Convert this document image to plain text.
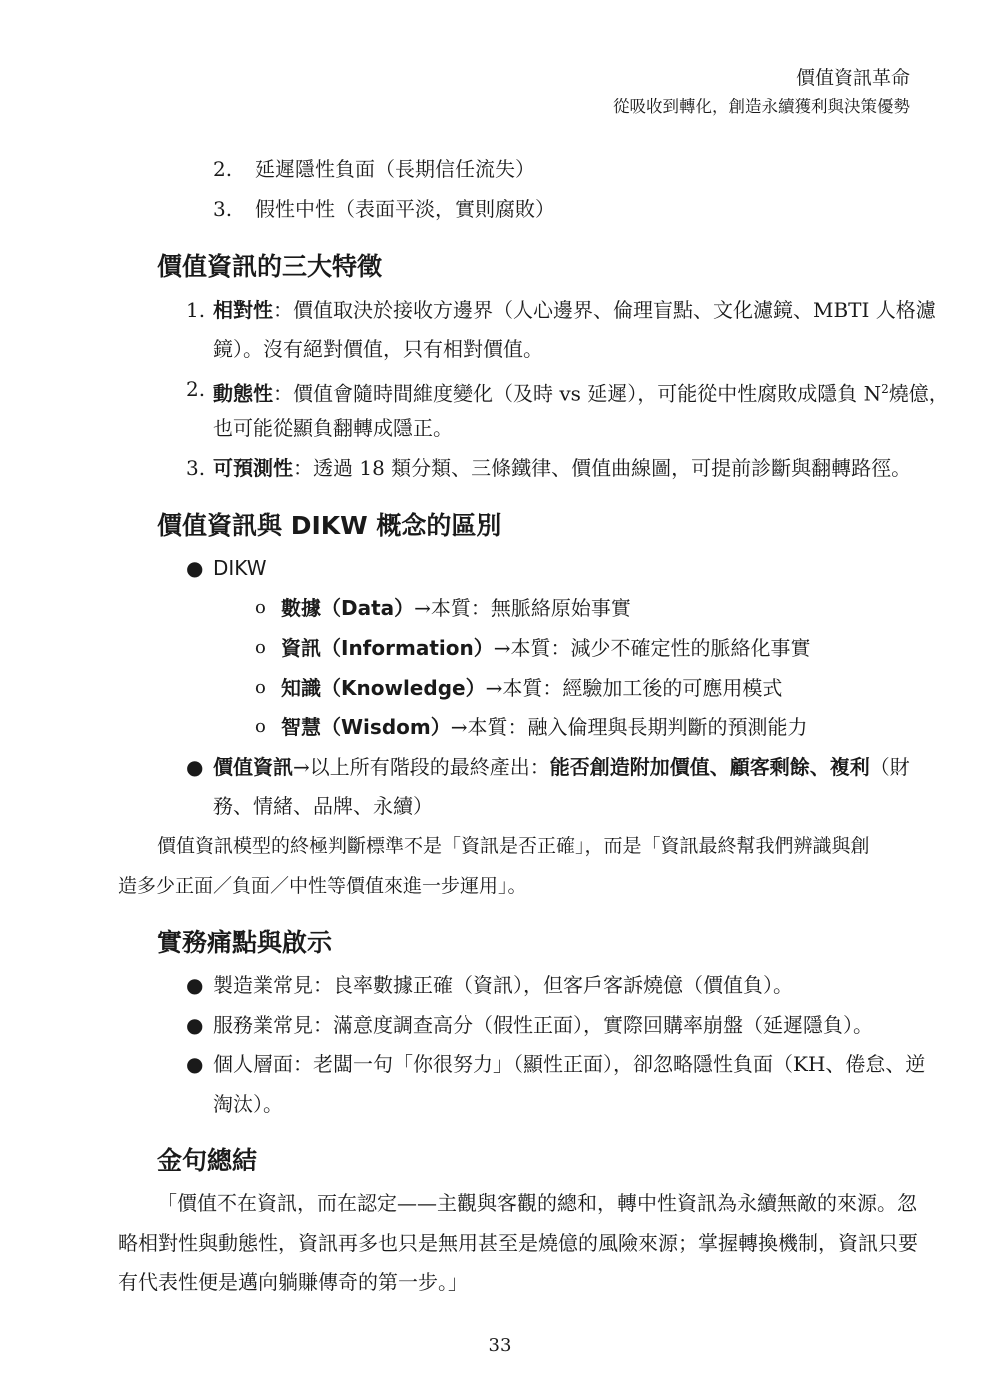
價值資訊革命
從吸收到轉化，創造永續獲利與決策優勢
2. 延遲隱性負面（長期信任流失）
3. 假性中性（表面平淡，實則腐敗）
價值資訊的三大特徵
1. 相對性：價值取決於接收方邊界（人心邊界、倫理盲點、文化濾鏡、MBTI 人格濾
鏡）。沒有絕對價值，只有相對價值。
2. 動態性：價值會隨時間維度變化（及時 vs 延遲），可能從中性腐敗成隱負 $N^2$燒億，
也可能從顯負翻轉成隱正。
3. 可預測性：透過 18 類分類、三條鐵律、價值曲線圖，可提前診斷與翻轉路徑。
價值資訊與 DIKW 概念的區別
● DIKW
o 數據（Data）→本質：無脈絡原始事實
o 資訊（Information）→本質：減少不確定性的脈絡化事實
o 知識（Knowledge）→本質：經驗加工後的可應用模式
o 智慧（Wisdom）→本質：融入倫理與長期判斷的預測能力
● 價值資訊→以上所有階段的最終產出：能否創造附加價值、顧客剩餘、複利（財
務、情緒、品牌、永續）
價值資訊模型的終極判斷標準不是「資訊是否正確」，而是「資訊最終幫我們辨識與創
造多少正面／負面／中性等價值來進一步運用」。
實務痛點與啟示
● 製造業常見：良率數據正確（資訊），但客戶客訴燒億（價值負）。
● 服務業常見：滿意度調查高分（假性正面），實際回購率崩盤（延遲隱負）。
● 個人層面：老闆一句「你很努力」（顯性正面），卻忽略隱性負面（KH、倦怠、逆
淘汰）。
金句總結
「價值不在資訊，而在認定——主觀與客觀的總和，轉中性資訊為永續無敵的來源。忽
略相對性與動態性，資訊再多也只是無用甚至是燒億的風險來源；掌握轉換機制，資訊只要
有代表性便是邁向躺賺傳奇的第一步。」
33
